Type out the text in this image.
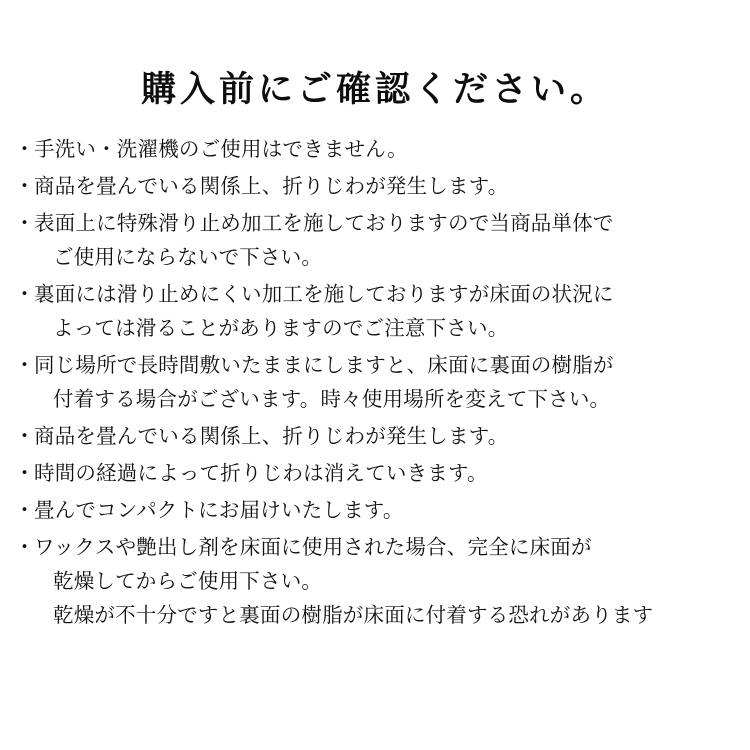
購入前にご確認ください。
・ 手洗い・洗濯機のご使用はできません。
・ 商品を畳んでいる関係上、折りじわが発生します。
・ 表面上に特殊滑り止め加工を施しておりますので当商品単体で
ご使用にならないで下さい。
・ 裏面には滑り止めにくい加工を施しておりますが床面の状況に
よっては滑ることがありますのでご注意下さい。
・ 同じ場所で長時間敷いたままにしますと、床面に裏面の樹脂が
付着する場合がございます。時々使用場所を変えて下さい。
・ 商品を畳んでいる関係上、折りじわが発生します。
・ 時間の経過によって折りじわは消えていきます。
・ 畳んでコンパクトにお届けいたします。
・ ワックスや艶出し剤を床面に使用された場合、完全に床面が
乾燥してからご使用下さい。
乾燥が不十分ですと裏面の樹脂が床面に付着する恐れがあります
